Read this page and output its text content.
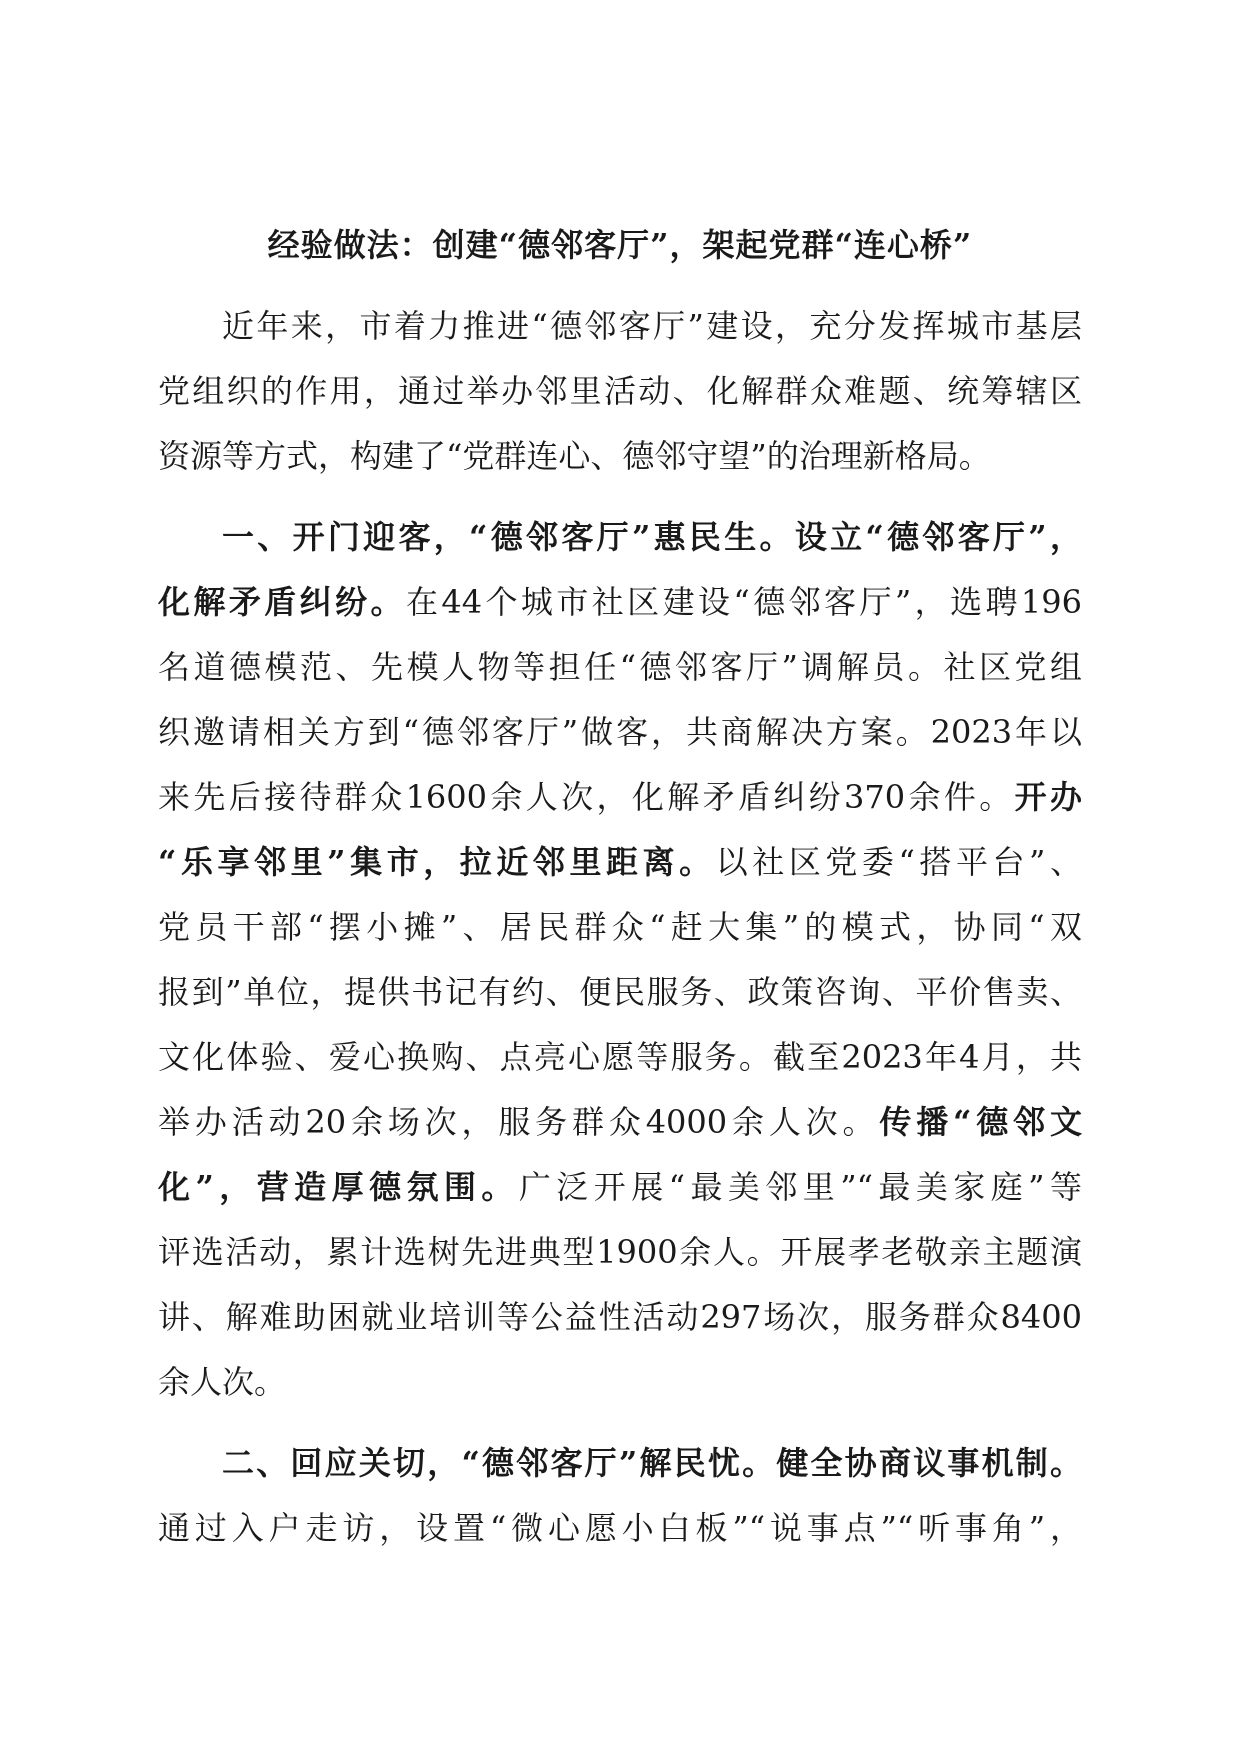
经验做法：创建“德邻客厅”，架起党群“连心桥”
近年来，市着力推进“德邻客厅”建设，充分发挥城市基层
党组织的作用，通过举办邻里活动、化解群众难题、统筹辖区
资源等方式，构建了“党群连心、德邻守望”的治理新格局。
一、开门迎客，“德邻客厅”惠民生。设立“德邻客厅”，
化解矛盾纠纷。在44个城市社区建设“德邻客厅”，选聘196
名道德模范、先模人物等担任“德邻客厅”调解员。社区党组
织邀请相关方到“德邻客厅”做客，共商解决方案。2023年以
来先后接待群众1600余人次，化解矛盾纠纷370余件。开办
“乐享邻里”集市，拉近邻里距离。以社区党委“搭平台”、
党员干部“摆小摊”、居民群众“赶大集”的模式，协同“双
报到”单位，提供书记有约、便民服务、政策咨询、平价售卖、
文化体验、爱心换购、点亮心愿等服务。截至2023年4月，共
举办活动20余场次，服务群众4000余人次。传播“德邻文
化”，营造厚德氛围。广泛开展“最美邻里”“最美家庭”等
评选活动，累计选树先进典型1900余人。开展孝老敬亲主题演
讲、解难助困就业培训等公益性活动297场次，服务群众8400
余人次。
二、回应关切，“德邻客厅”解民忧。健全协商议事机制。
通过入户走访，设置“微心愿小白板”“说事点”“听事角”，
